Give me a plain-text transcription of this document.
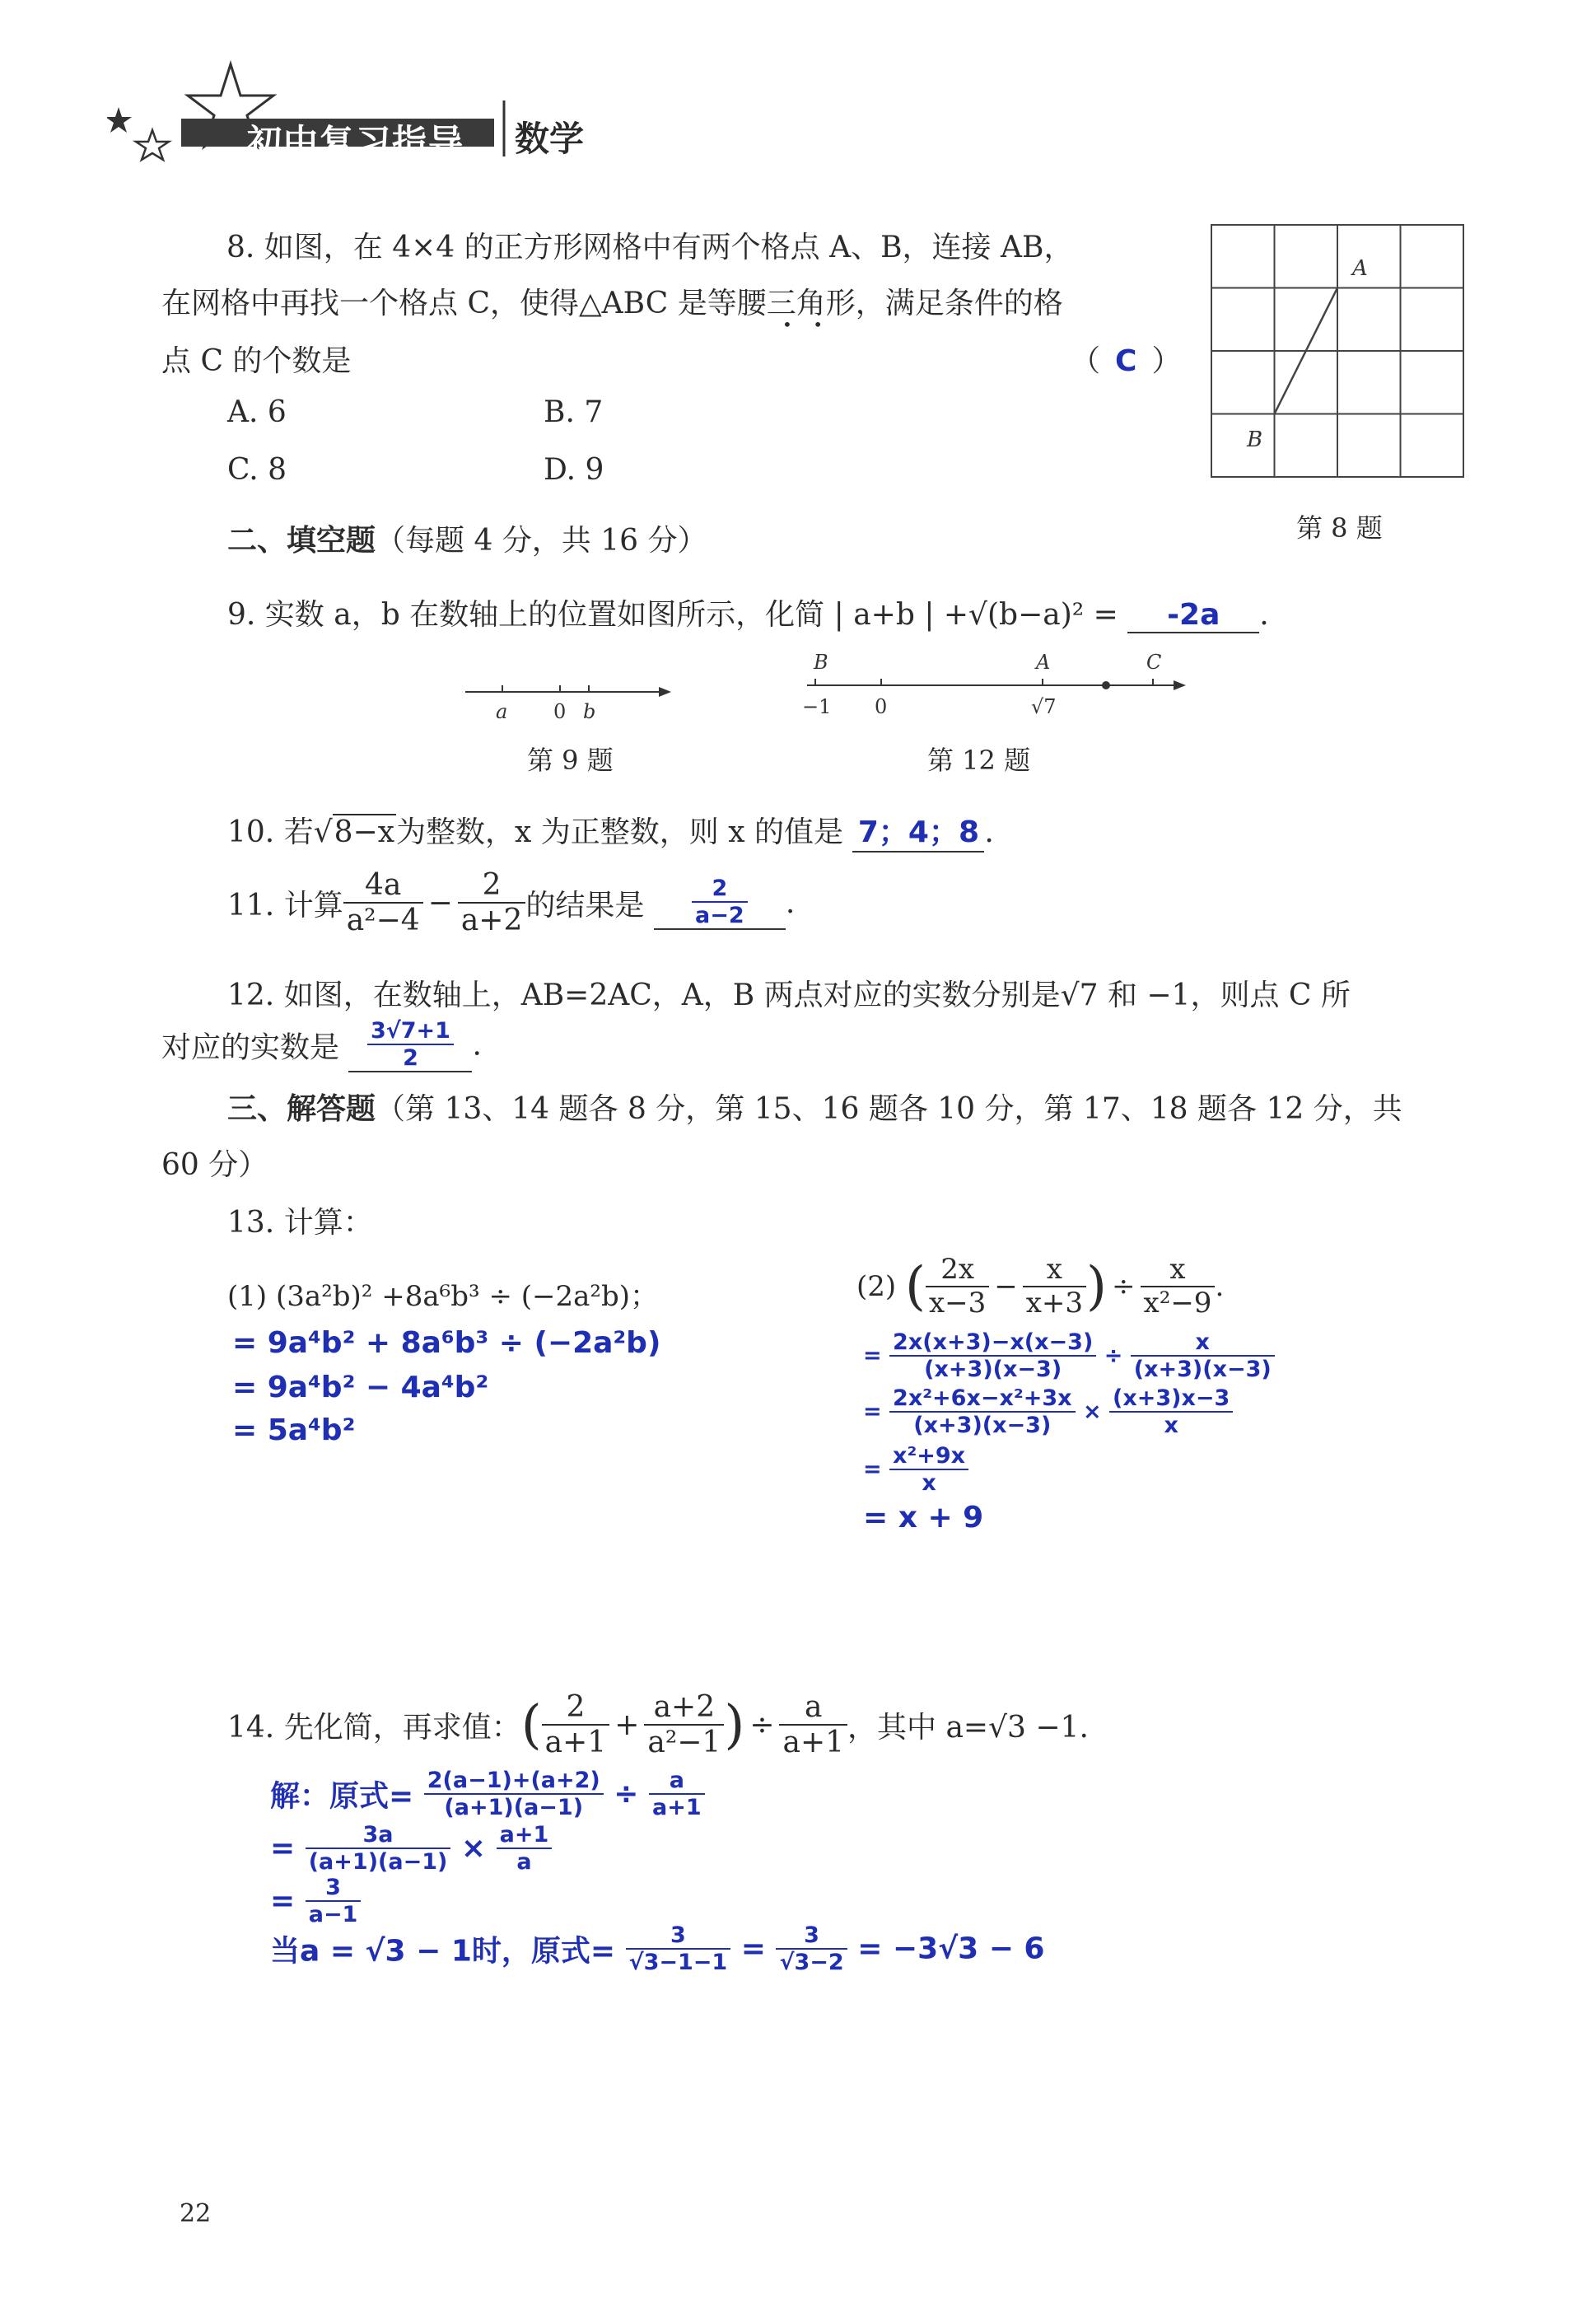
初中复习指导 数学
8. 如图，在 4×4 的正方形网格中有两个格点 A、B，连接 AB，
在网格中再找一个格点 C，使得△ABC 是等腰三角形，满足条件的格
•    •
点 C 的个数是	（ C ）
A. 6	B. 7
C. 8	D. 9
A
B
第 8 题
二、填空题（每题 4 分，共 16 分）
9. 实数 a，b 在数轴上的位置如图所示，化简 | a+b | +√(b−a)² = -2a .
a 0 b
第 9 题
B	A	C
−1 0	√7
第 12 题
10. 若√8−x为整数，x 为正整数，则 x 的值是 7；4；8 .
11. 计算 $\frac{4a}{\text{a²−4}} - \frac{2}{a+2}$ 的结果是 $\frac{2}{a-2}$ .
12. 如图，在数轴上，AB=2AC，A，B 两点对应的实数分别是√7 和 −1，则点 C 所
对应的实数是 $\frac{3√7+1}{2}$ .
三、解答题（第 13、14 题各 8 分，第 15、16 题各 10 分，第 17、18 题各 12 分，共
60 分）
13. 计算：
(1) (3a²b)² +8a⁶b³ ÷ (−2a²b)；
= 9a⁴b² + 8a⁶b³ ÷ (−2a²b)
= 9a⁴b² − 4a⁴b²
= 5a⁴b²
(2) ( $\frac{2x}{x-3} - \frac{x}{x+3}$ ) ÷ $\frac{x}{\text{x²−9}}$ .
= $\frac{2x(x+3)-x(x-3)}{(x+3)(x-3)} \div \frac{x}{(x+3)(x-3)}$
= $\frac{\text{2x²+6x−x²+3x}}{(x+3)(x-3)} \times \frac{(x+3)x-3}{x}$
= $\frac{\text{x²+9x}}{x}$
= x + 9
14. 先化简，再求值：( $\frac{2}{a+1} + \frac{a+2}{\text{a²−1}}$ ) ÷ $\frac{a}{a+1}$ ，其中 a=√3 −1.
解：原式= $\frac{2(a-1)+(a+2)}{(a+1)(a-1)} \div \frac{a}{a+1}$
= $\frac{3a}{(a+1)(a-1)} \times \frac{a+1}{a}$
= $\frac{3}{a-1}$
当a = √3 − 1时，原式= $\frac{3}{√3-1-1} = \frac{3}{√3-2} = -3√3 - 6$
22
